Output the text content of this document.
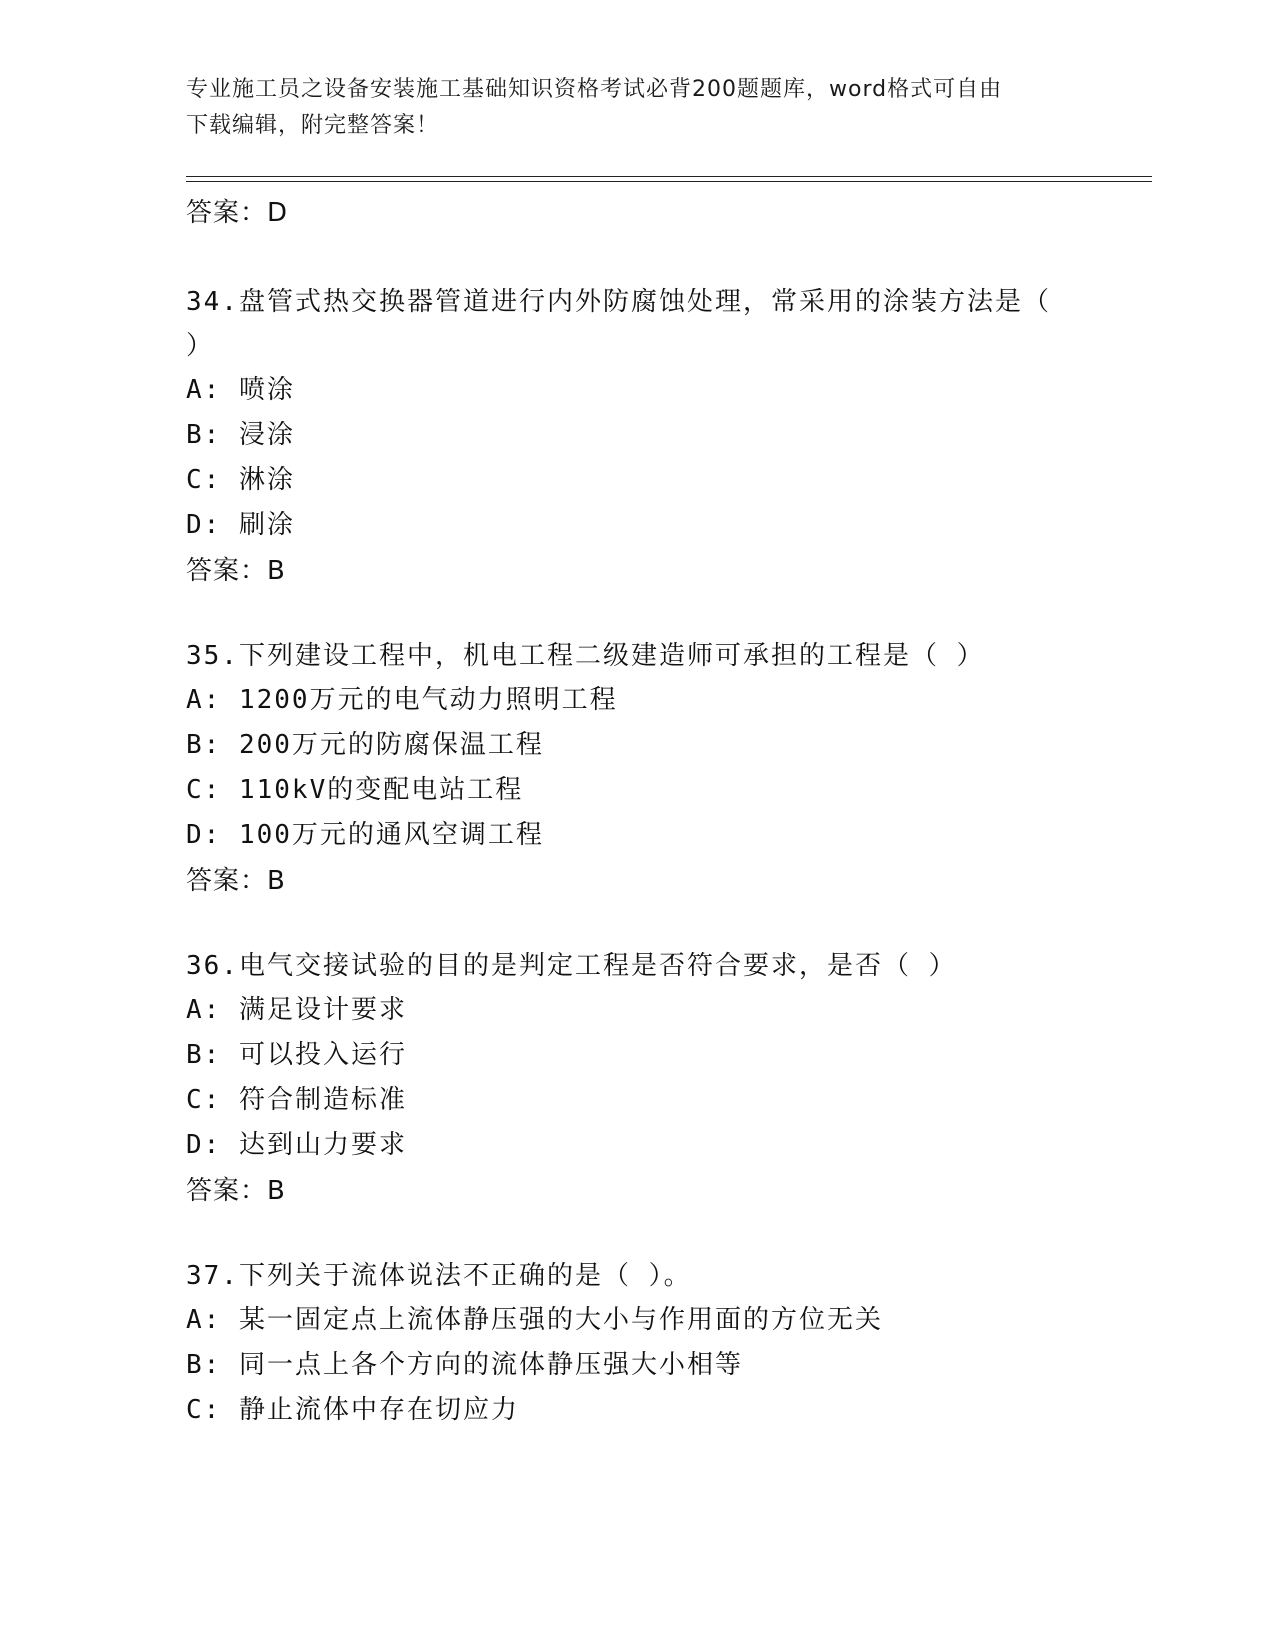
专业施工员之设备安装施工基础知识资格考试必背200题题库，word格式可自由
下载编辑，附完整答案！
答案：D
34.盘管式热交换器管道进行内外防腐蚀处理，常采用的涂装方法是（
）
A: 喷涂
B: 浸涂
C: 淋涂
D: 刷涂
答案：B
35.下列建设工程中，机电工程二级建造师可承担的工程是（ ）
A: 1200万元的电气动力照明工程
B: 200万元的防腐保温工程
C: 110kV的变配电站工程
D: 100万元的通风空调工程
答案：B
36.电气交接试验的目的是判定工程是否符合要求，是否（ ）
A: 满足设计要求
B: 可以投入运行
C: 符合制造标准
D: 达到山力要求
答案：B
37.下列关于流体说法不正确的是（ ）。
A: 某一固定点上流体静压强的大小与作用面的方位无关
B: 同一点上各个方向的流体静压强大小相等
C: 静止流体中存在切应力
